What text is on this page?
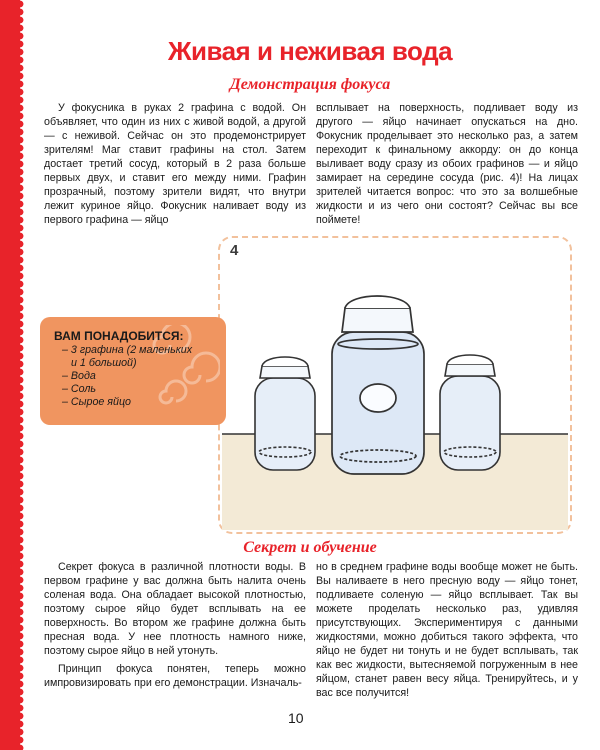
Живая и неживая вода
Демонстрация фокуса

У фокусника в руках 2 графина с водой. Он объявляет, что один из них с живой водой, а другой — с неживой. Сейчас он это продемонстрирует зрителям! Маг ставит графины на стол. Затем достает третий сосуд, который в 2 раза больше первых двух, и ставит его между ними. Графин прозрачный, поэтому зрители видят, что внутри лежит куриное яйцо. Фокусник наливает воду из первого графина — яйцо

всплывает на поверхность, подливает воду из другого — яйцо начинает опускаться на дно. Фокусник проделывает это несколько раз, а затем переходит к финальному аккорду: он до конца выливает воду сразу из обоих графинов — и яйцо замирает на середине сосуда (рис. 4)! На лицах зрителей читается вопрос: что это за волшебные жидкости и из чего они состоят? Сейчас вы все поймете!

4
ВАМ ПОНАДОБИТСЯ:
– 3 графина (2 маленьких
и 1 большой)
– Вода
– Соль
– Сырое яйцо
Секрет и обучение

Секрет фокуса в различной плотности воды. В первом графине у вас должна быть налита очень соленая вода. Она обладает высокой плотностью, поэтому сырое яйцо будет всплывать на ее поверхность. Во втором же графине должна быть пресная вода. У нее плотность намного ниже, поэтому сырое яйцо в ней утонуть.

Принцип фокуса понятен, теперь можно импровизировать при его демонстрации. Изначаль-

но в среднем графине воды вообще может не быть. Вы наливаете в него пресную воду — яйцо тонет, подливаете соленую — яйцо всплывает. Так вы можете проделать несколько раз, удивляя присутствующих. Экспериментируя с данными жидкостями, можно добиться такого эффекта, что яйцо не будет ни тонуть и не будет всплывать, так как вес жидкости, вытесняемой погруженным в нее яйцом, станет равен весу яйца. Тренируйтесь, и у вас все получится!

10
